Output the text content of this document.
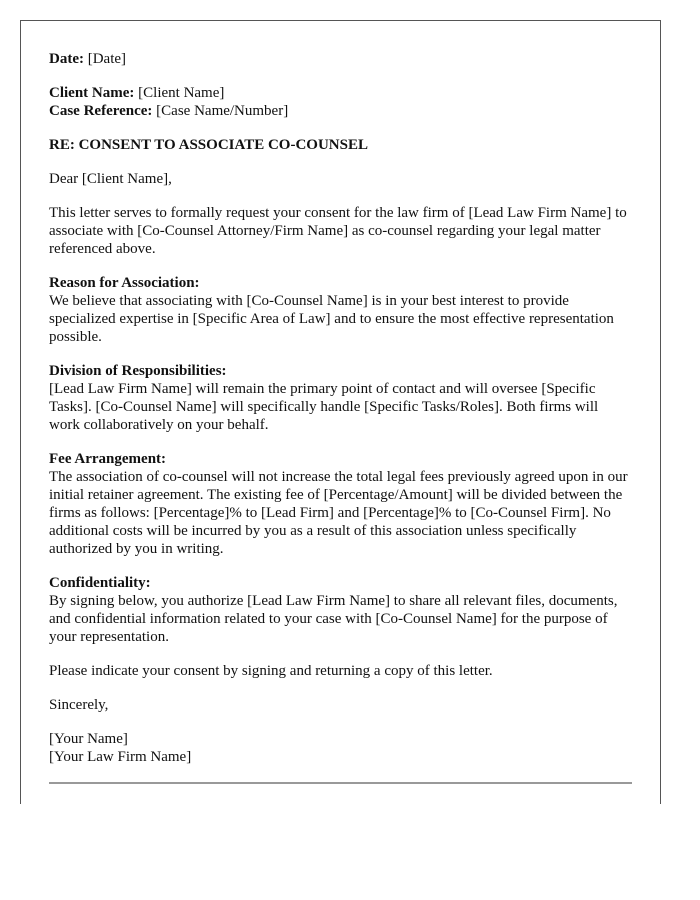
Date: [Date]

Client Name: [Client Name]
Case Reference: [Case Name/Number]

RE: CONSENT TO ASSOCIATE CO-COUNSEL

Dear [Client Name],

This letter serves to formally request your consent for the law firm of [Lead Law Firm Name] to associate with [Co-Counsel Attorney/Firm Name] as co-counsel regarding your legal matter referenced above.

Reason for Association:
We believe that associating with [Co-Counsel Name] is in your best interest to provide specialized expertise in [Specific Area of Law] and to ensure the most effective representation possible.

Division of Responsibilities:
[Lead Law Firm Name] will remain the primary point of contact and will oversee [Specific Tasks]. [Co-Counsel Name] will specifically handle [Specific Tasks/Roles]. Both firms will work collaboratively on your behalf.

Fee Arrangement:
The association of co-counsel will not increase the total legal fees previously agreed upon in our initial retainer agreement. The existing fee of [Percentage/Amount] will be divided between the firms as follows: [Percentage]% to [Lead Firm] and [Percentage]% to [Co-Counsel Firm]. No additional costs will be incurred by you as a result of this association unless specifically authorized by you in writing.

Confidentiality:
By signing below, you authorize [Lead Law Firm Name] to share all relevant files, documents, and confidential information related to your case with [Co-Counsel Name] for the purpose of your representation.

Please indicate your consent by signing and returning a copy of this letter.

Sincerely,

[Your Name]
[Your Law Firm Name]
